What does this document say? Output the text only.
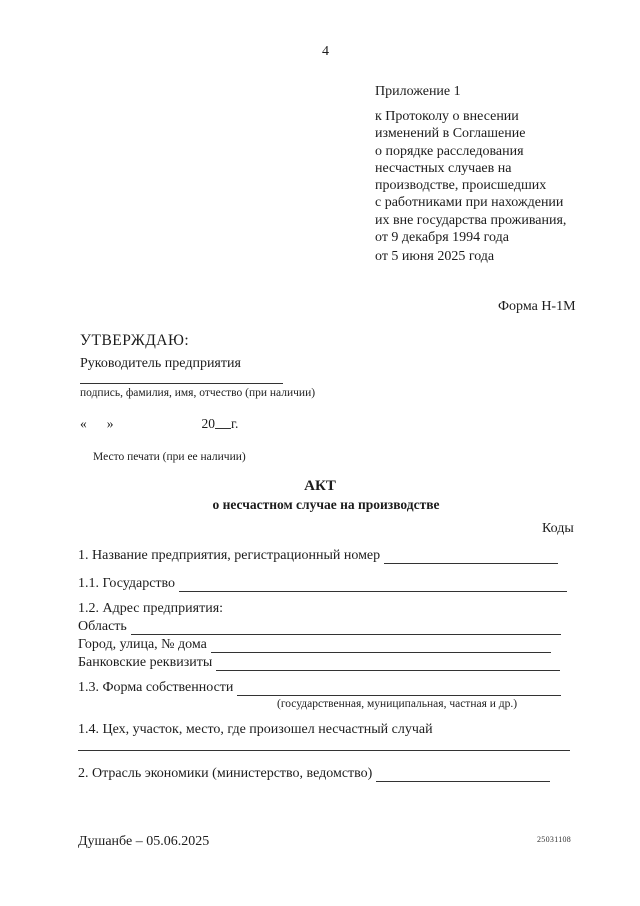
4
Приложение 1
к Протоколу о внесении
изменений в Соглашение
о порядке расследования
несчастных случаев на
производстве, происшедших
с работниками при нахождении
их вне государства проживания,
от 9 декабря 1994 года
от 5 июня 2025 года
Форма Н-1М
УТВЕРЖДАЮ:
Руководитель предприятия
подпись, фамилия, имя, отчество (при наличии)
« »	20 г.
Место печати (при ее наличии)
АКТ
о несчастном случае на производстве
Коды
1. Название предприятия, регистрационный номер
1.1. Государство
1.2. Адрес предприятия:
Область
Город, улица, № дома
Банковские реквизиты
1.3. Форма собственности
(государственная, муниципальная, частная и др.)
1.4. Цех, участок, место, где произошел несчастный случай
2. Отрасль экономики (министерство, ведомство)
Душанбе – 05.06.2025	25031108
